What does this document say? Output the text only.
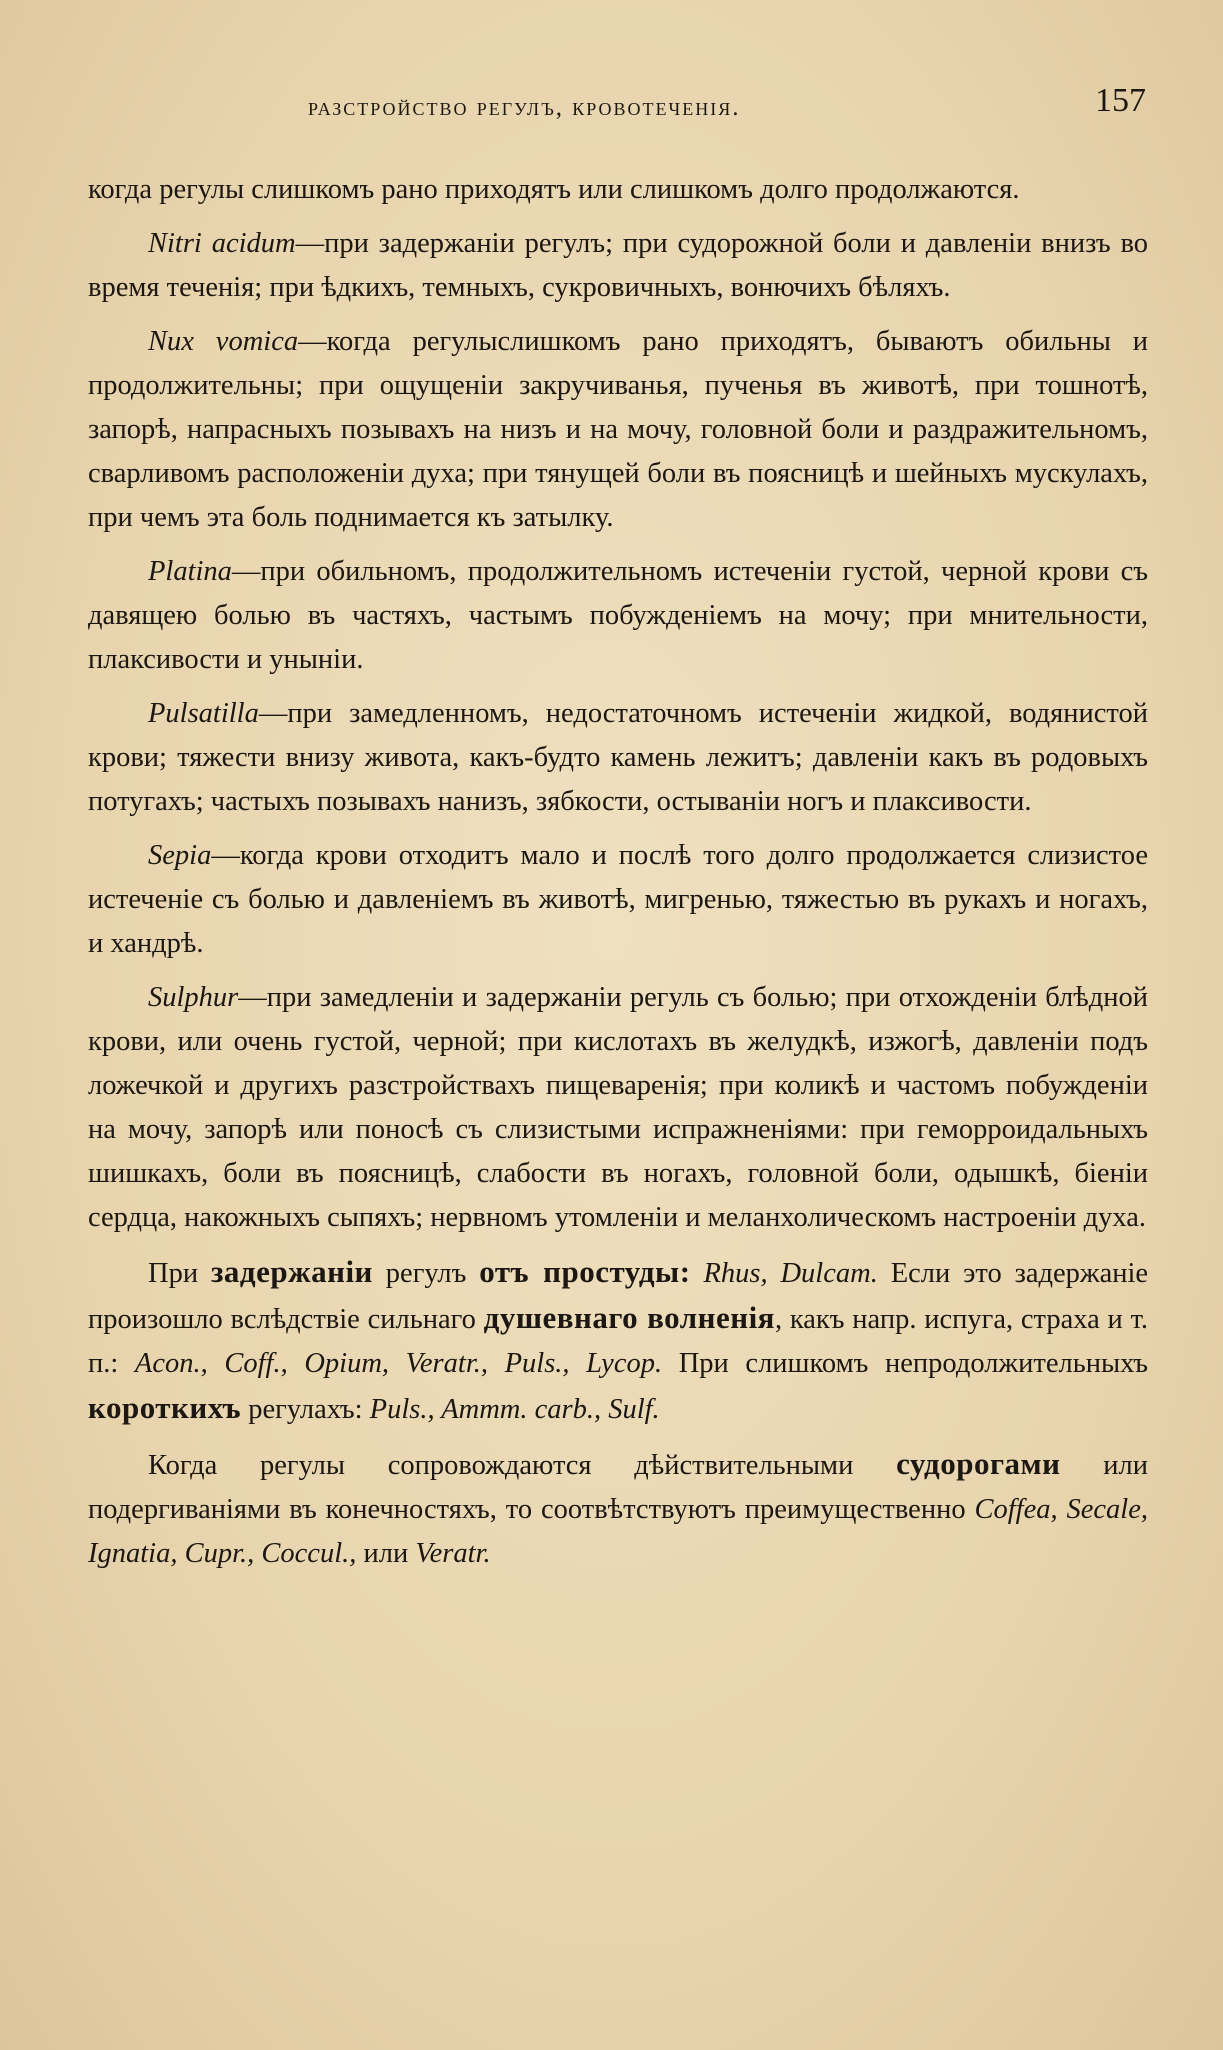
разстройство регулъ, кровотеченія.	157

когда регулы слишкомъ рано приходятъ или слишкомъ долго продолжаются.

Nitri acidum—при задержаніи регулъ; при судорожной боли и давленіи внизъ во время теченія; при ѣдкихъ, темныхъ, сукровичныхъ, вонючихъ бѣляхъ.

Nux vomica—когда регулыслишкомъ рано приходятъ, бываютъ обильны и продолжительны; при ощущеніи закручиванья, пученья въ животѣ, при тошнотѣ, запорѣ, напрасныхъ позывахъ на низъ и на мочу, головной боли и раздражительномъ, сварливомъ расположеніи духа; при тянущей боли въ поясницѣ и шейныхъ мускулахъ, при чемъ эта боль поднимается къ затылку.

Platina—при обильномъ, продолжительномъ истеченіи густой, черной крови съ давящею болью въ частяхъ, частымъ побужденіемъ на мочу; при мнительности, плаксивости и уныніи.

Pulsatilla—при замедленномъ, недостаточномъ истеченіи жидкой, водянистой крови; тяжести внизу живота, какъ-будто камень лежитъ; давленіи какъ въ родовыхъ потугахъ; частыхъ позывахъ нанизъ, зябкости, остываніи ногъ и плаксивости.

Sepia—когда крови отходитъ мало и послѣ того долго продолжается слизистое истеченіе съ болью и давленіемъ въ животѣ, мигренью, тяжестью въ рукахъ и ногахъ, и хандрѣ.

Sulphur—при замедленіи и задержаніи регуль съ болью; при отхожденіи блѣдной крови, или очень густой, черной; при кислотахъ въ желудкѣ, изжогѣ, давленіи подъ ложечкой и другихъ разстройствахъ пищеваренія; при коликѣ и частомъ побужденіи на мочу, запорѣ или поносѣ съ слизистыми испражненіями: при геморроидальныхъ шишкахъ, боли въ поясницѣ, слабости въ ногахъ, головной боли, одышкѣ, біеніи сердца, накожныхъ сыпяхъ; нервномъ утомленіи и меланхолическомъ настроеніи духа.

При задержаніи регулъ отъ простуды: Rhus, Dulcam. Если это задержаніе произошло вслѣдствіе сильнаго душевнаго волненія, какъ напр. испуга, страха и т. п.: Acon., Coff., Opium, Veratr., Puls., Lycop. При слишкомъ непродолжительныхъ короткихъ регулахъ: Puls., Ammm. carb., Sulf.

Когда регулы сопровождаются дѣйствительными судорогами или подергиваніями въ конечностяхъ, то соотвѣтствуютъ преимущественно Coffea, Secale, Ignatia, Cupr., Coccul., или Veratr.
